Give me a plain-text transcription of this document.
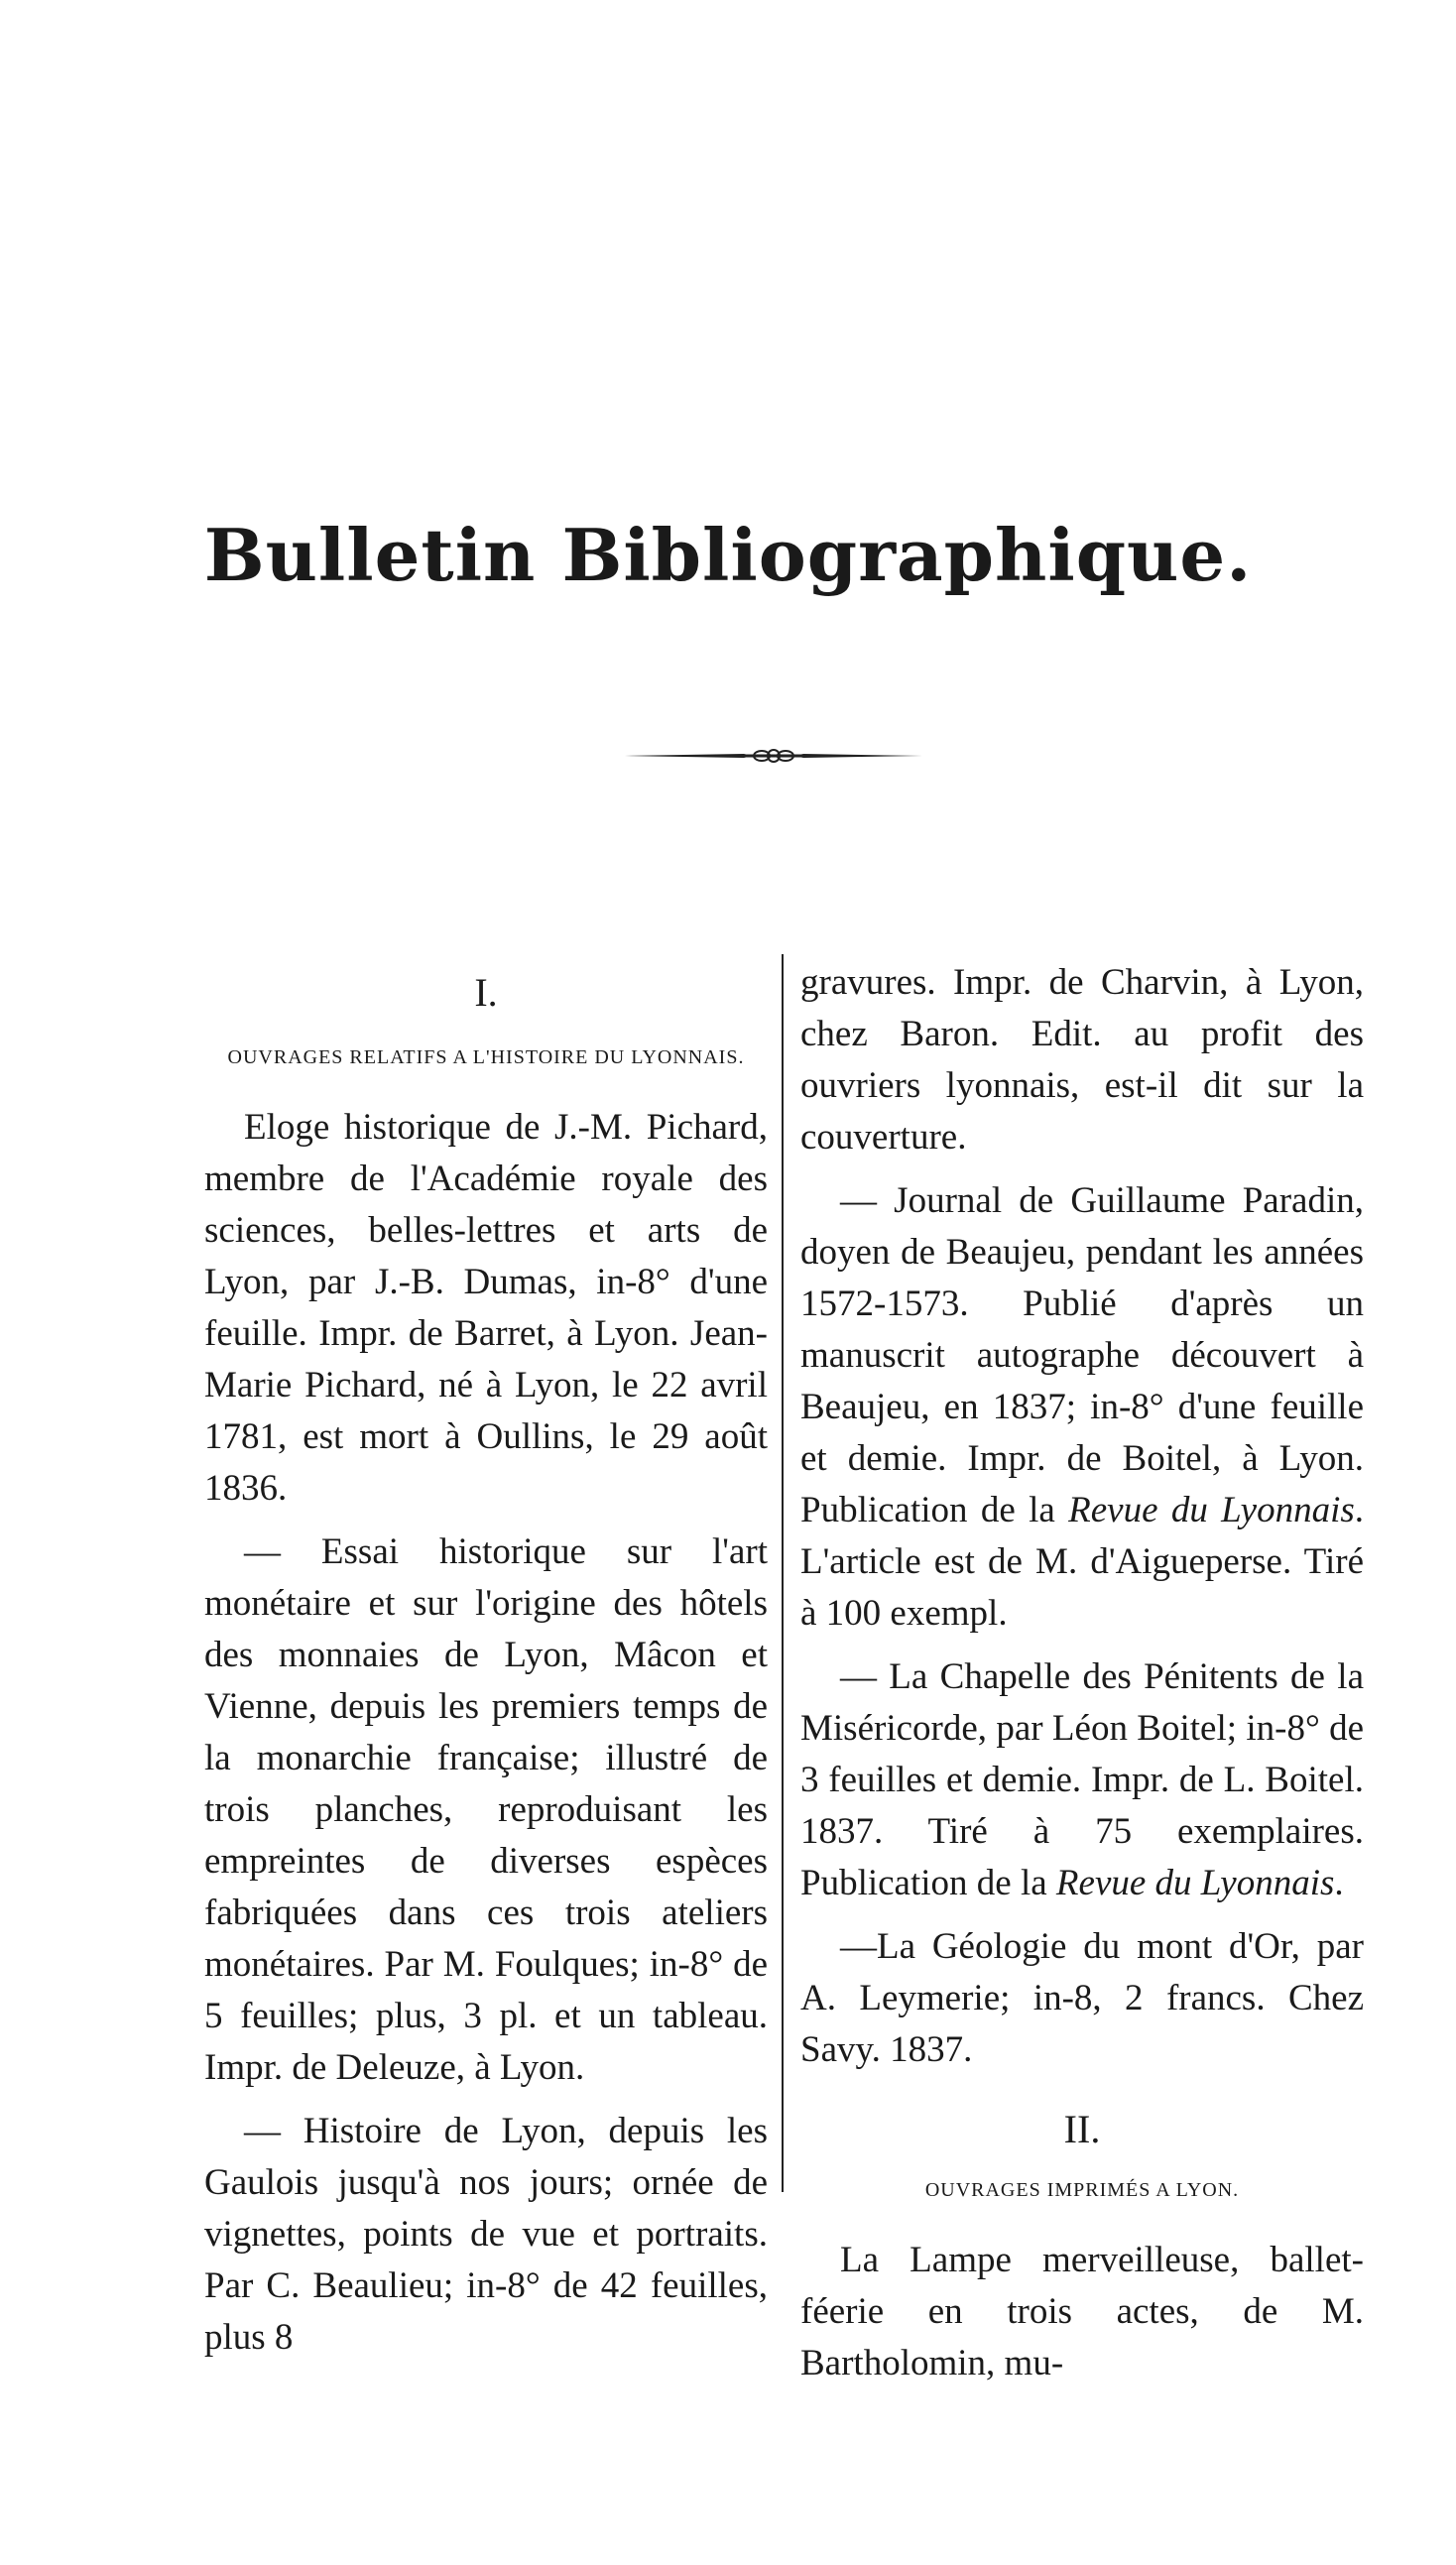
Bulletin Bibliographique.
I.
OUVRAGES RELATIFS A L'HISTOIRE DU LYONNAIS.

Eloge historique de J.-M. Pichard, membre de l'Académie royale des sciences, belles-lettres et arts de Lyon, par J.-B. Dumas, in-8° d'une feuille. Impr. de Barret, à Lyon. Jean-Marie Pichard, né à Lyon, le 22 avril 1781, est mort à Oullins, le 29 août 1836.

— Essai historique sur l'art monétaire et sur l'origine des hôtels des monnaies de Lyon, Mâcon et Vienne, depuis les premiers temps de la monarchie française; illustré de trois planches, reproduisant les empreintes de diverses espèces fabriquées dans ces trois ateliers monétaires. Par M. Foulques; in-8° de 5 feuilles; plus, 3 pl. et un tableau. Impr. de Deleuze, à Lyon.

— Histoire de Lyon, depuis les Gaulois jusqu'à nos jours; ornée de vignettes, points de vue et portraits. Par C. Beaulieu; in-8° de 42 feuilles, plus 8

gravures. Impr. de Charvin, à Lyon, chez Baron. Edit. au profit des ouvriers lyonnais, est-il dit sur la couverture.

— Journal de Guillaume Paradin, doyen de Beaujeu, pendant les années 1572-1573. Publié d'après un manuscrit autographe découvert à Beaujeu, en 1837; in-8° d'une feuille et demie. Impr. de Boitel, à Lyon. Publication de la Revue du Lyonnais. L'article est de M. d'Aigueperse. Tiré à 100 exempl.

— La Chapelle des Pénitents de la Miséricorde, par Léon Boitel; in-8° de 3 feuilles et demie. Impr. de L. Boitel. 1837. Tiré à 75 exemplaires. Publication de la Revue du Lyonnais.

—La Géologie du mont d'Or, par A. Leymerie; in-8, 2 francs. Chez Savy. 1837.

II.
OUVRAGES IMPRIMÉS A LYON.

La Lampe merveilleuse, ballet-féerie en trois actes, de M. Bartholomin, mu-
